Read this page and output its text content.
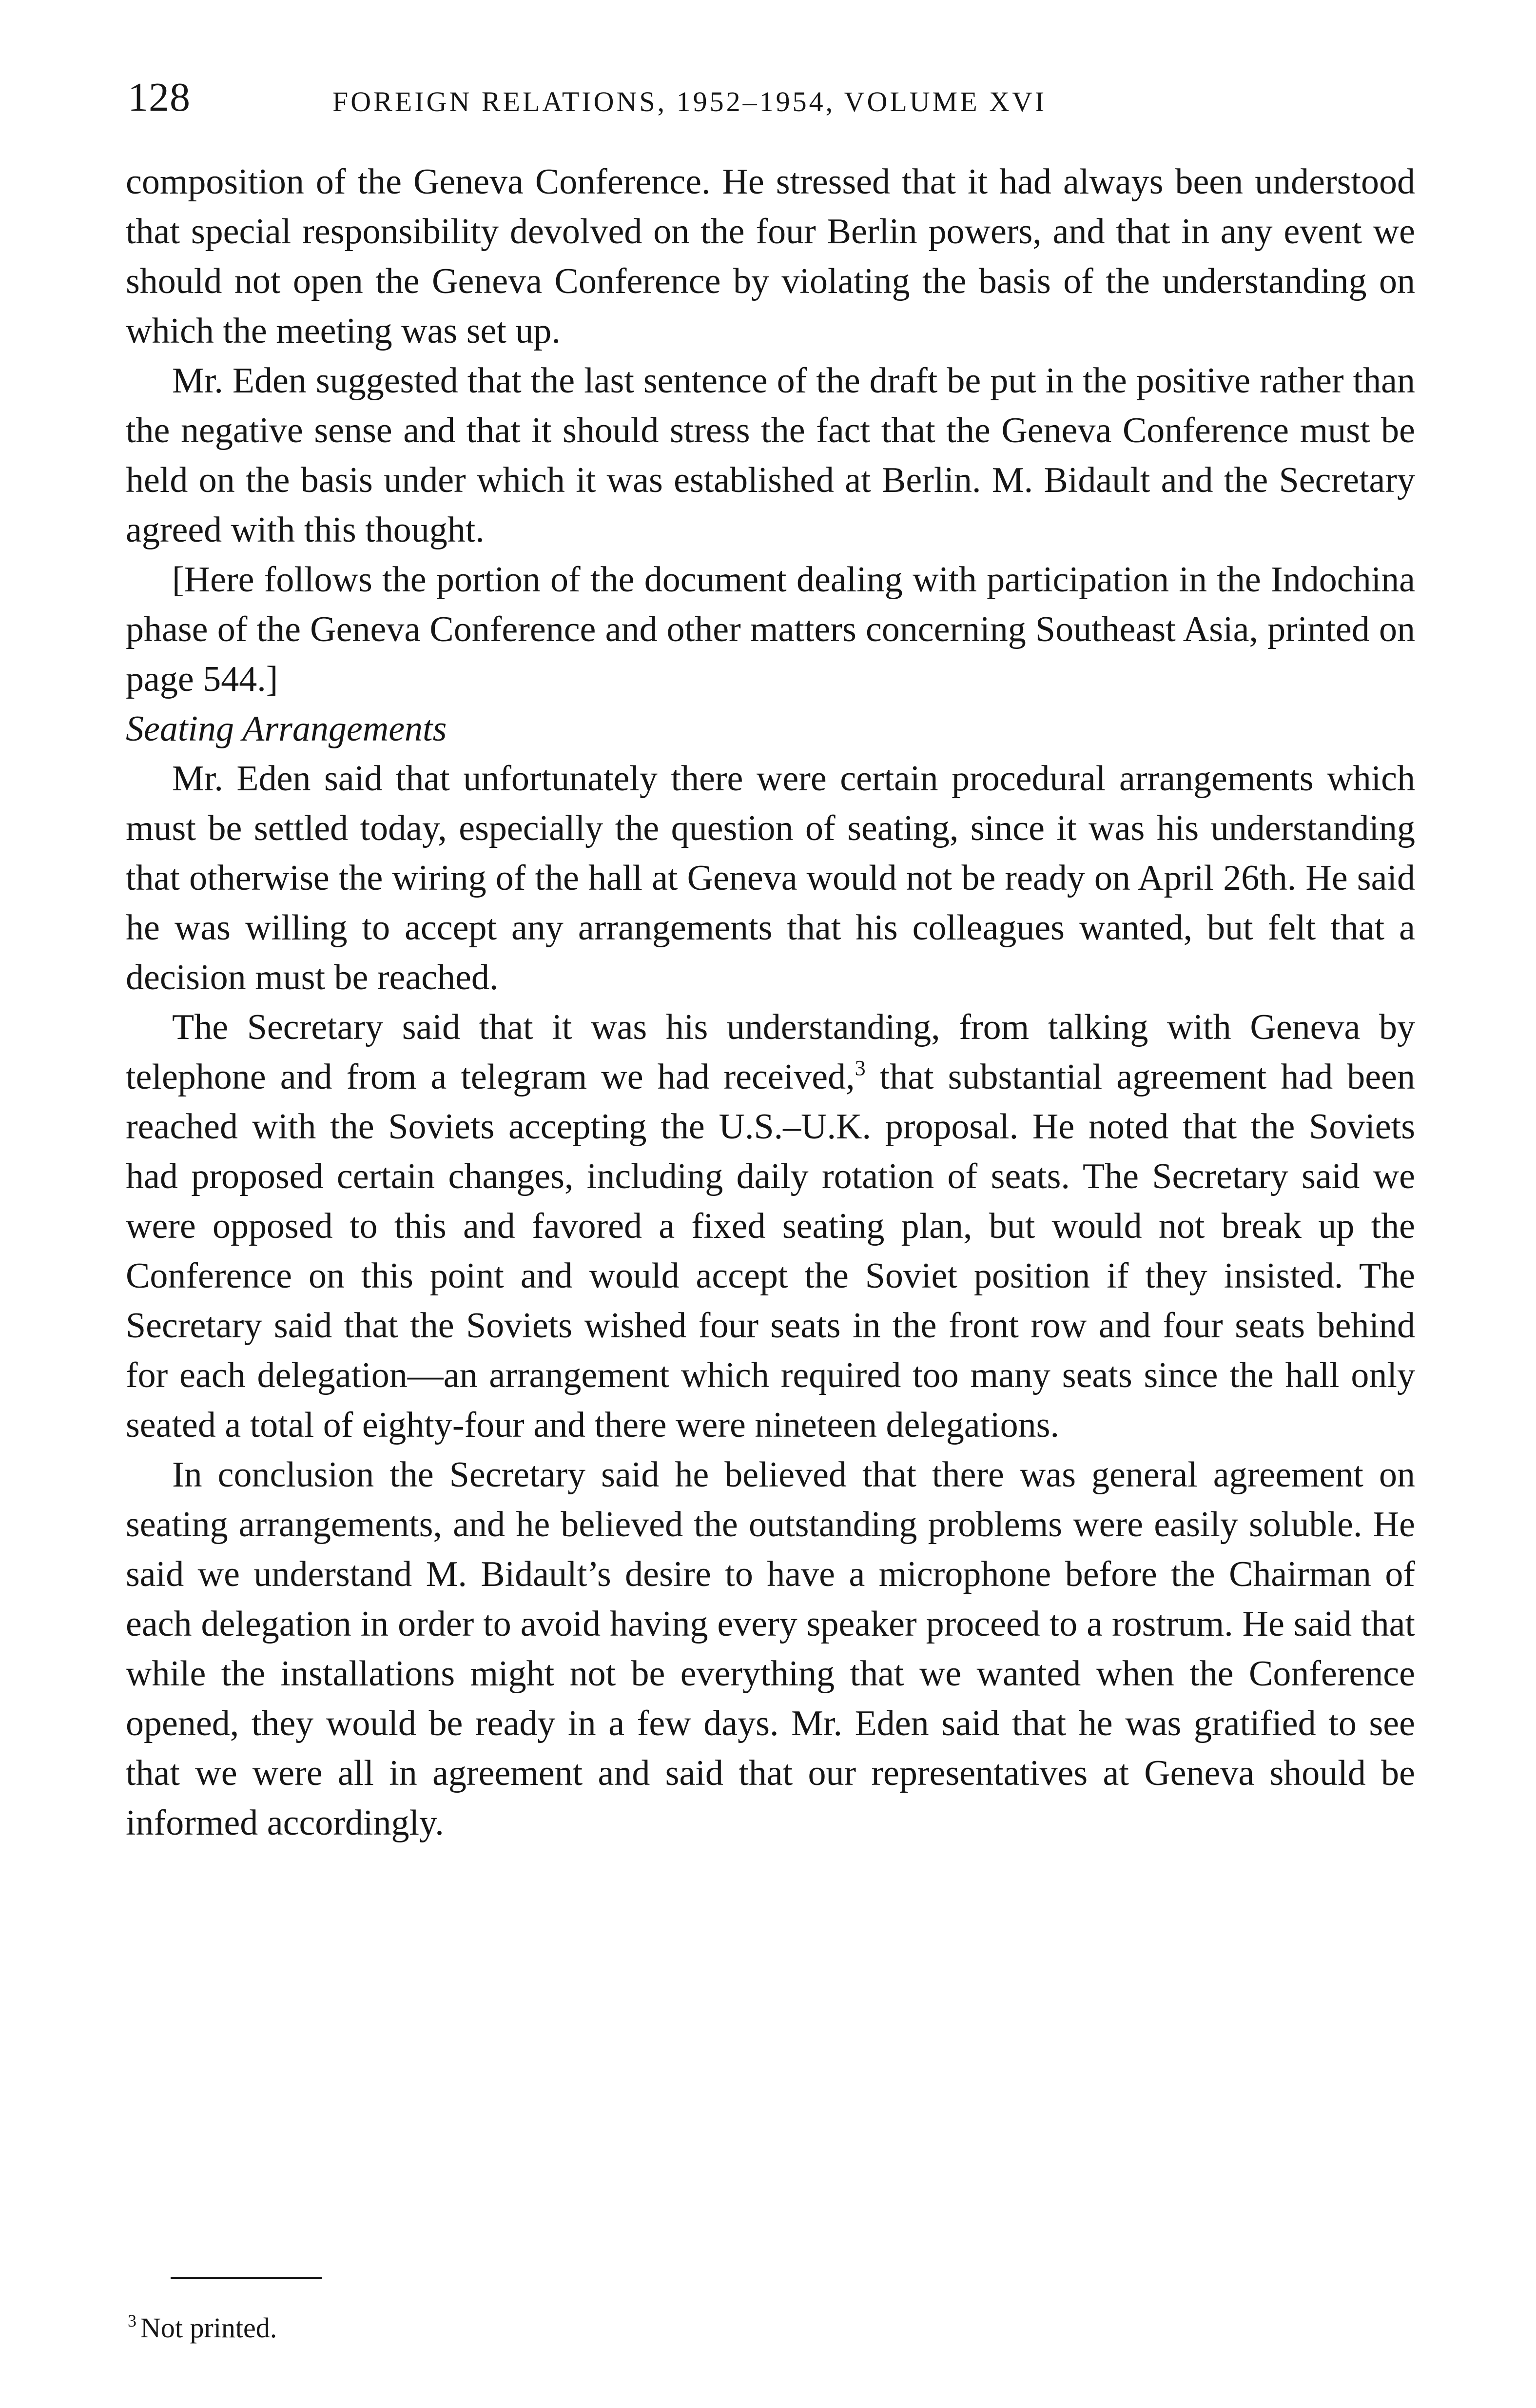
128	FOREIGN RELATIONS, 1952–1954, VOLUME XVI

composition of the Geneva Conference. He stressed that it had always been understood that special responsibility devolved on the four Berlin powers, and that in any event we should not open the Geneva Conference by violating the basis of the understanding on which the meeting was set up.

Mr. Eden suggested that the last sentence of the draft be put in the positive rather than the negative sense and that it should stress the fact that the Geneva Conference must be held on the basis under which it was established at Berlin. M. Bidault and the Secretary agreed with this thought.

[Here follows the portion of the document dealing with participation in the Indochina phase of the Geneva Conference and other matters concerning Southeast Asia, printed on page 544.]

Seating Arrangements

Mr. Eden said that unfortunately there were certain procedural arrangements which must be settled today, especially the question of seating, since it was his understanding that otherwise the wiring of the hall at Geneva would not be ready on April 26th. He said he was willing to accept any arrangements that his colleagues wanted, but felt that a decision must be reached.

The Secretary said that it was his understanding, from talking with Geneva by telephone and from a telegram we had received,$^3$ that substantial agreement had been reached with the Soviets accepting the U.S.–U.K. proposal. He noted that the Soviets had proposed certain changes, including daily rotation of seats. The Secretary said we were opposed to this and favored a fixed seating plan, but would not break up the Conference on this point and would accept the Soviet position if they insisted. The Secretary said that the Soviets wished four seats in the front row and four seats behind for each delegation—an arrangement which required too many seats since the hall only seated a total of eighty-four and there were nineteen delegations.

In conclusion the Secretary said he believed that there was general agreement on seating arrangements, and he believed the outstanding problems were easily soluble. He said we understand M. Bidault’s desire to have a microphone before the Chairman of each delegation in order to avoid having every speaker proceed to a rostrum. He said that while the installations might not be everything that we wanted when the Conference opened, they would be ready in a few days. Mr. Eden said that he was gratified to see that we were all in agreement and said that our representatives at Geneva should be informed accordingly.

$^3$ Not printed.
